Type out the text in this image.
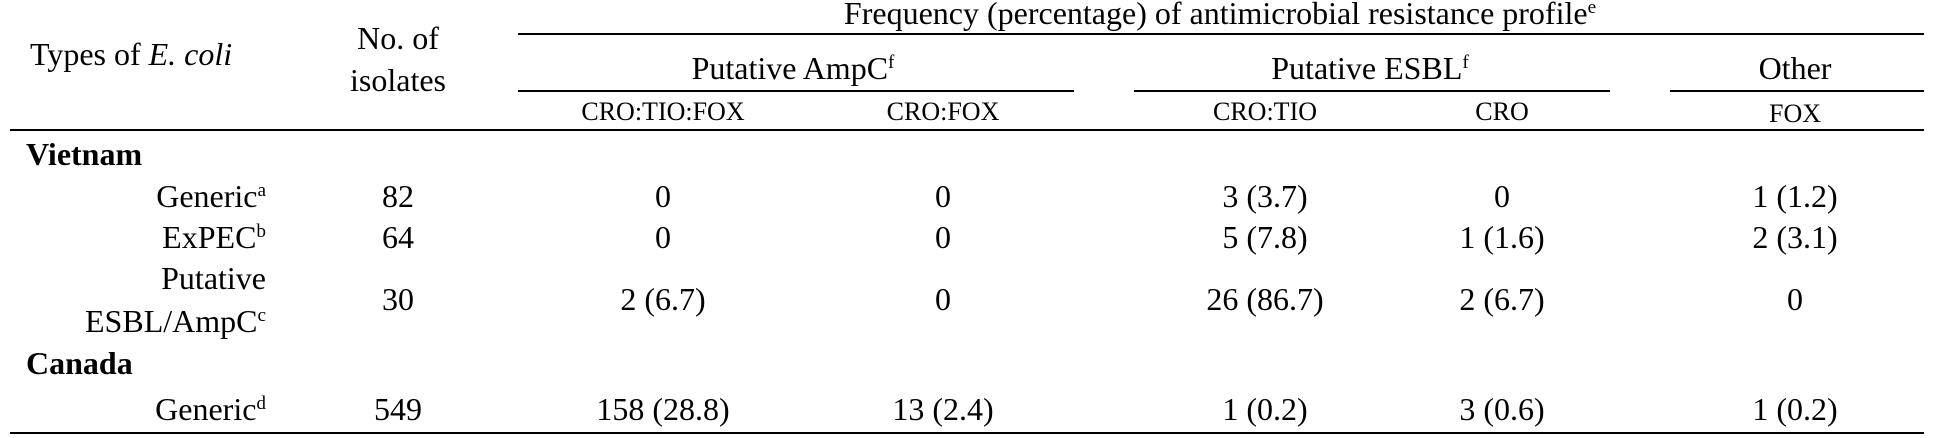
Types of E. coli	No. of
isolates
Frequency (percentage) of antimicrobial resistance profile$^e$
Putative AmpC$^f$	Putative ESBL$^f$	Other
CRO:TIO:FOX	CRO:FOX	CRO:TIO	CRO	FOX
Vietnam
Generic$^a$	82	0	0	3 (3.7)	0	1 (1.2)
ExPEC$^b$	64	0	0	5 (7.8)	1 (1.6)	2 (3.1)
Putative
ESBL/AmpC$^c$	30	2 (6.7)	0	26 (86.7)	2 (6.7)	0
Canada
Generic$^d$	549	158 (28.8)	13 (2.4)	1 (0.2)	3 (0.6)	1 (0.2)
